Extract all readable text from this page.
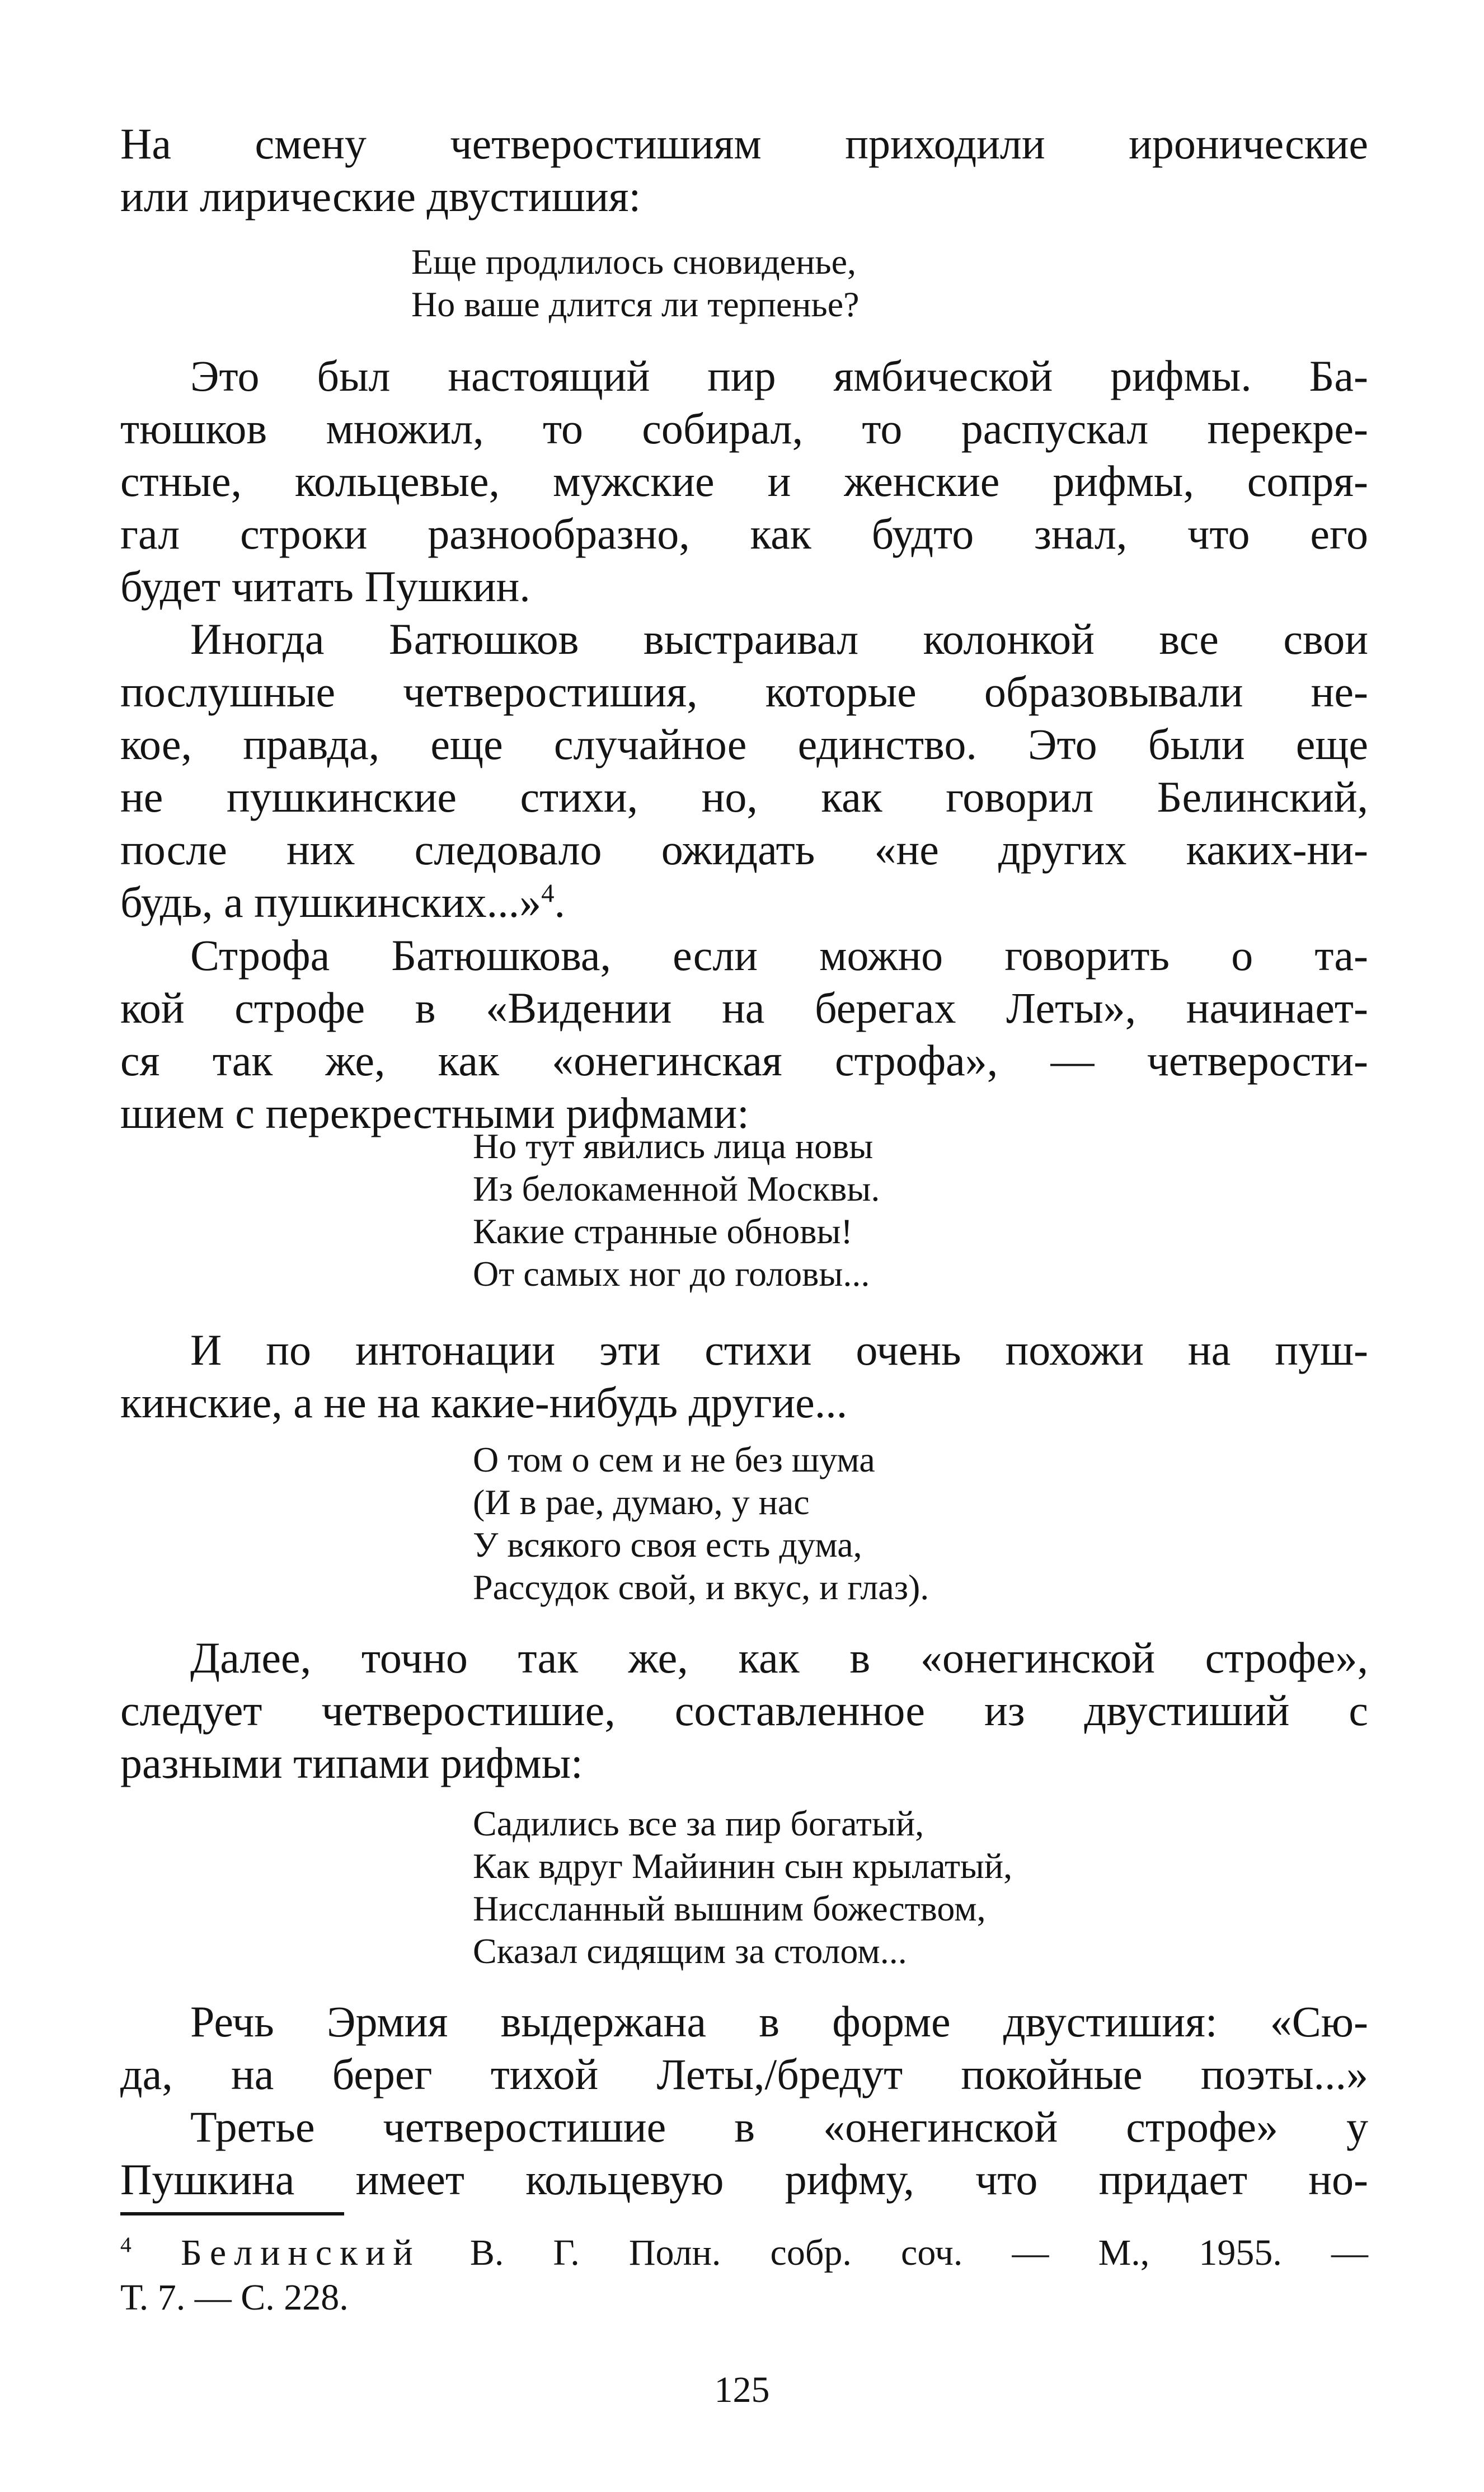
На смену четверостишиям приходили иронические
или лирические двустишия:
Еще продлилось сновиденье,
Но ваше длится ли терпенье?
Это был настоящий пир ямбической рифмы. Ба-
тюшков множил, то собирал, то распускал перекре-
стные, кольцевые, мужские и женские рифмы, сопря-
гал строки разнообразно, как будто знал, что его
будет читать Пушкин.
Иногда Батюшков выстраивал колонкой все свои
послушные четверостишия, которые образовывали не-
кое, правда, еще случайное единство. Это были еще
не пушкинские стихи, но, как говорил Белинский,
после них следовало ожидать «не других каких-ни-
будь, а пушкинских...»$^4$.
Строфа Батюшкова, если можно говорить о та-
кой строфе в «Видении на берегах Леты», начинает-
ся так же, как «онегинская строфа», — четверости-
шием с перекрестными рифмами:
Но тут явились лица новы
Из белокаменной Москвы.
Какие странные обновы!
От самых ног до головы...
И по интонации эти стихи очень похожи на пуш-
кинские, а не на какие-нибудь другие...
О том о сем и не без шума
(И в рае, думаю, у нас
У всякого своя есть дума,
Рассудок свой, и вкус, и глаз).
Далее, точно так же, как в «онегинской строфе»,
следует четверостишие, составленное из двустиший с
разными типами рифмы:
Садились все за пир богатый,
Как вдруг Майинин сын крылатый,
Нисcланный вышним божеством,
Сказал сидящим за столом...
Речь Эрмия выдержана в форме двустишия: «Сю-
да, на берег тихой Леты,/бредут покойные поэты...»
Третье четверостишие в «онегинской строфе» у
Пушкина имеет кольцевую рифму, что придает но-
$^4$ Белинский В. Г. Полн. собр. соч. — М., 1955. —
Т. 7. — С. 228.
125
